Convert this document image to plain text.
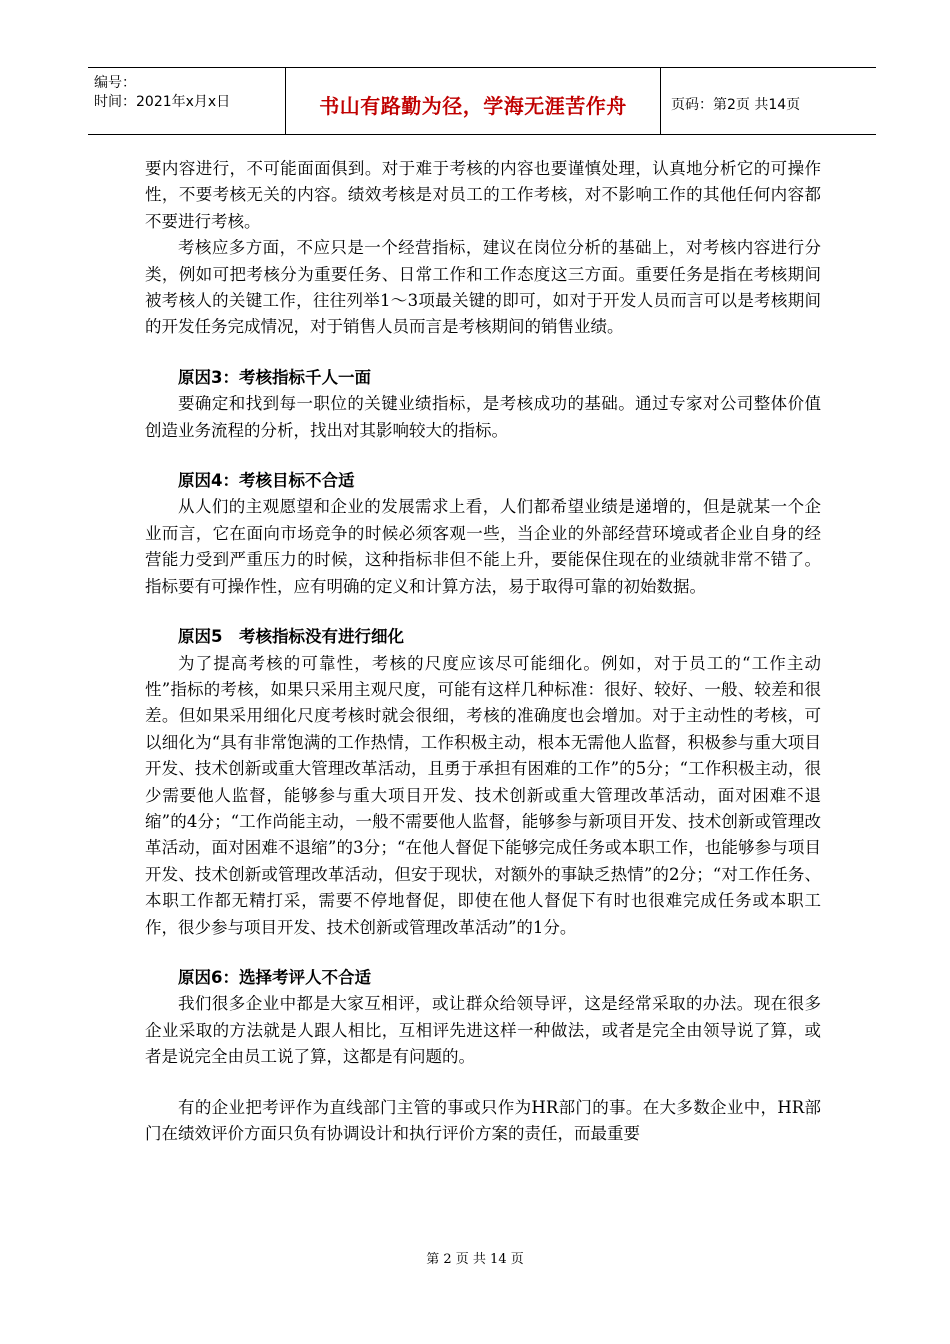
编号：
时间：2021年x月x日	书山有路勤为径，学海无涯苦作舟	页码：第2页 共14页

要内容进行，不可能面面俱到。对于难于考核的内容也要谨慎处理，认真地分析它的可操作性，不要考核无关的内容。绩效考核是对员工的工作考核，对不影响工作的其他任何内容都不要进行考核。

考核应多方面，不应只是一个经营指标，建议在岗位分析的基础上，对考核内容进行分类，例如可把考核分为重要任务、日常工作和工作态度这三方面。重要任务是指在考核期间被考核人的关键工作，往往列举1～3项最关键的即可，如对于开发人员而言可以是考核期间的开发任务完成情况，对于销售人员而言是考核期间的销售业绩。

原因3：考核指标千人一面

要确定和找到每一职位的关键业绩指标，是考核成功的基础。通过专家对公司整体价值创造业务流程的分析，找出对其影响较大的指标。

原因4：考核目标不合适

从人们的主观愿望和企业的发展需求上看，人们都希望业绩是递增的，但是就某一个企业而言，它在面向市场竞争的时候必须客观一些，当企业的外部经营环境或者企业自身的经营能力受到严重压力的时候，这种指标非但不能上升，要能保住现在的业绩就非常不错了。指标要有可操作性，应有明确的定义和计算方法，易于取得可靠的初始数据。

原因5　考核指标没有进行细化

为了提高考核的可靠性，考核的尺度应该尽可能细化。例如，对于员工的“工作主动性”指标的考核，如果只采用主观尺度，可能有这样几种标准：很好、较好、一般、较差和很差。但如果采用细化尺度考核时就会很细，考核的准确度也会增加。对于主动性的考核，可以细化为“具有非常饱满的工作热情，工作积极主动，根本无需他人监督，积极参与重大项目开发、技术创新或重大管理改革活动，且勇于承担有困难的工作”的5分；“工作积极主动，很少需要他人监督，能够参与重大项目开发、技术创新或重大管理改革活动，面对困难不退缩”的4分；“工作尚能主动，一般不需要他人监督，能够参与新项目开发、技术创新或管理改革活动，面对困难不退缩”的3分；“在他人督促下能够完成任务或本职工作，也能够参与项目开发、技术创新或管理改革活动，但安于现状，对额外的事缺乏热情”的2分；“对工作任务、本职工作都无精打采，需要不停地督促，即使在他人督促下有时也很难完成任务或本职工作，很少参与项目开发、技术创新或管理改革活动”的1分。

原因6：选择考评人不合适

我们很多企业中都是大家互相评，或让群众给领导评，这是经常采取的办法。现在很多企业采取的方法就是人跟人相比，互相评先进这样一种做法，或者是完全由领导说了算，或者是说完全由员工说了算，这都是有问题的。

有的企业把考评作为直线部门主管的事或只作为HR部门的事。在大多数企业中，HR部门在绩效评价方面只负有协调设计和执行评价方案的责任，而最重要

第 2 页 共 14 页
